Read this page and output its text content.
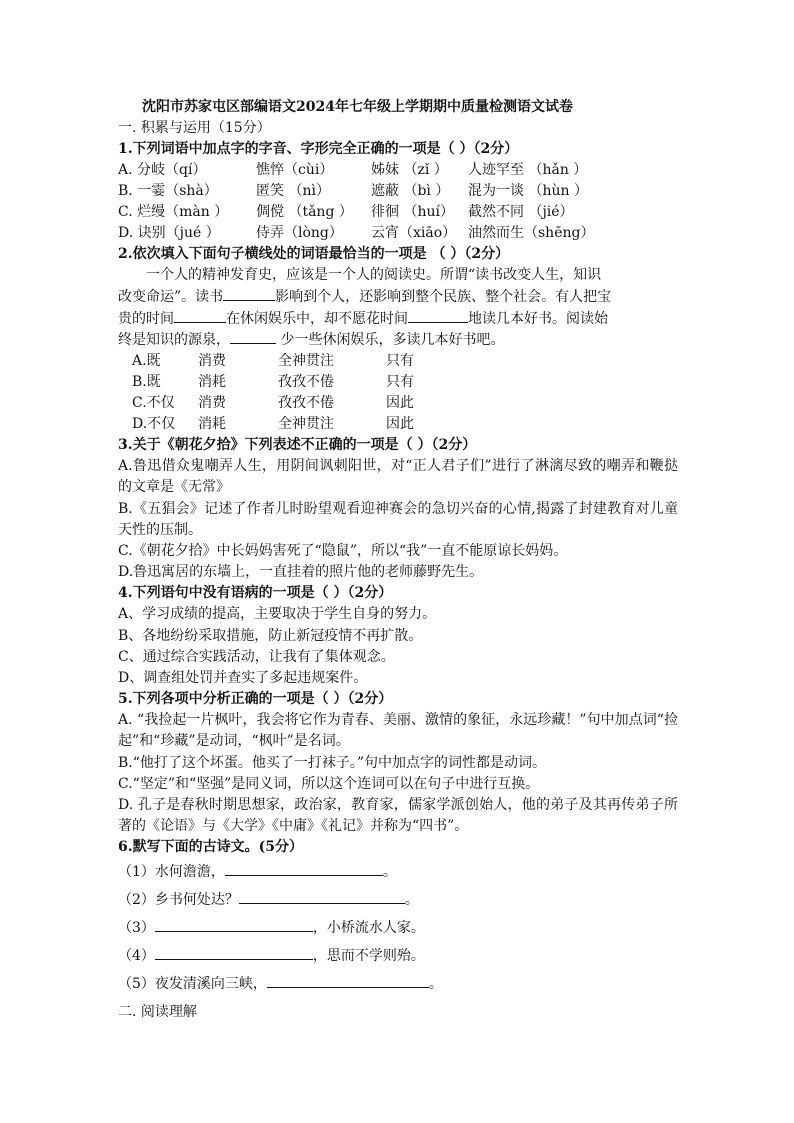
沈阳市苏家屯区部编语文2024年七年级上学期期中质量检测语文试卷
一. 积累与运用（15分）
1.下列词语中加点字的字音、字形完全正确的一项是（ ）（2分）
A. 分岐（qí）	憔悴（cùi）	姊妹 （zǐ ）	人迹罕至 （hǎn ）
B. 一霎（shà）	匿笑 （nì）	遮蔽 （bì ）	混为一谈 （hùn ）
C. 烂缦（màn ）	倜傥 （tǎng ）	徘徊 （huí）	截然不同 （jié）
D. 诀别（jué ）	侍弄（lòng）	云宵（xiāo） 油然而生（shēng）
2.依次填入下面句子横线处的词语最恰当的一项是 （ ）（2分）
一个人的精神发育史，应该是一个人的阅读史。所谓“读书改变人生，知识
改变命运”。读书	影响到个人，还影响到整个民族、整个社会。有人把宝
贵的时间	在休闲娱乐中，却不愿花时间	地读几本好书。阅读始
终是知识的源泉，	少一些休闲娱乐，多读几本好书吧。
A.既	消费	全神贯注	只有
B.既	消耗	孜孜不倦	只有
C.不仅	消费	孜孜不倦	因此
D.不仅	消耗	全神贯注	因此
3.关于《朝花夕拾》下列表述不正确的一项是（ ）（2分）
A.鲁迅借众鬼嘲弄人生，用阴间讽刺阳世，对“正人君子们”进行了淋漓尽致的嘲弄和鞭挞的文章是《无常》
B.《五猖会》记述了作者儿时盼望观看迎神赛会的急切兴奋的心情,揭露了封建教育对儿童天性的压制。
C.《朝花夕拾》中长妈妈害死了“隐鼠”，所以“我”一直不能原谅长妈妈。
D.鲁迅寓居的东墙上，一直挂着的照片他的老师藤野先生。
4.下列语句中没有语病的一项是（ ）（2分）
A、学习成绩的提高，主要取决于学生自身的努力。
B、各地纷纷采取措施，防止新冠疫情不再扩散。
C、通过综合实践活动，让我有了集体观念。
D、调查组处罚并查实了多起违规案件。
5.下列各项中分析正确的一项是（ ）（2分）
A. “我捡起一片枫叶，我会将它作为青春、美丽、激情的象征，永远珍藏！”句中加点词“捡起”和“珍藏”是动词，“枫叶”是名词。
B.“他打了这个坏蛋。他买了一打袜子。”句中加点字的词性都是动词。
C.“坚定”和“坚强”是同义词，所以这个连词可以在句子中进行互换。
D. 孔子是春秋时期思想家，政治家，教育家，儒家学派创始人，他的弟子及其再传弟子所著的《论语》与《大学》《中庸》《礼记》并称为“四书”。
6.默写下面的古诗文。(5分）
（1）水何澹澹，	。
（2）乡书何处达？	。
（3）	，小桥流水人家。
（4）	，思而不学则殆。
（5）夜发清溪向三峡，	。
二. 阅读理解
